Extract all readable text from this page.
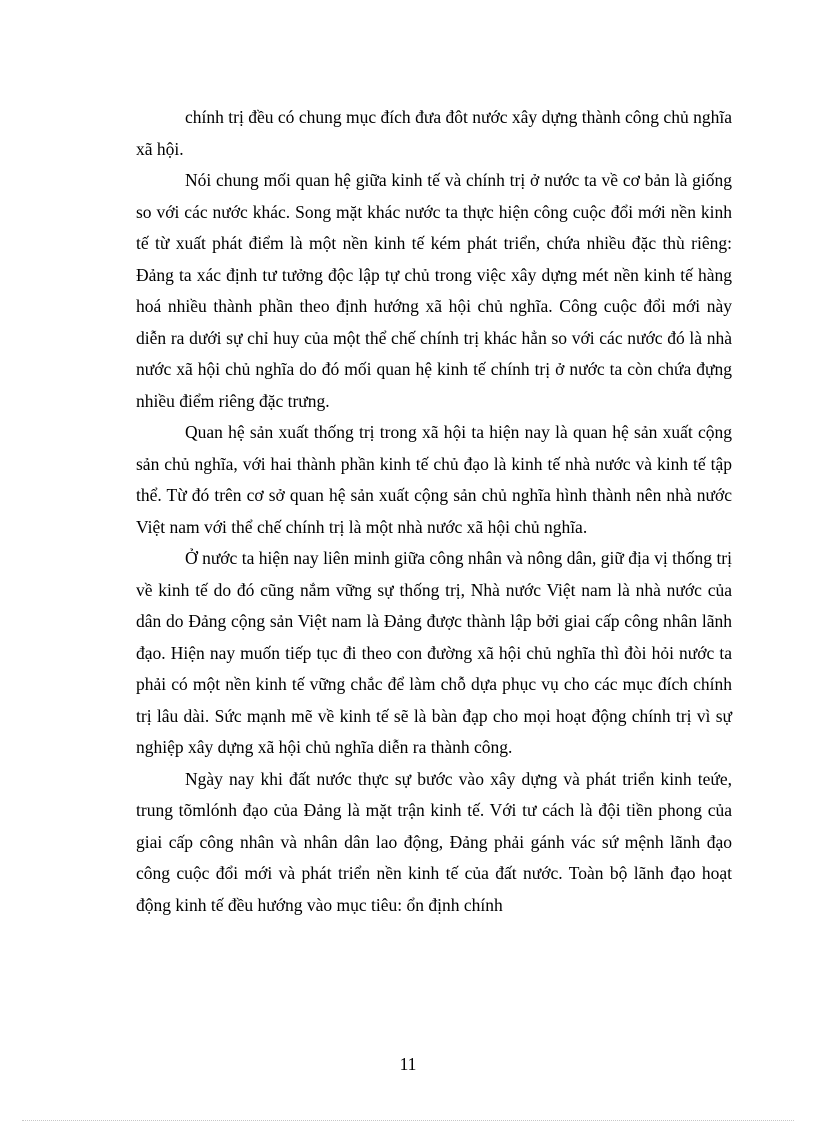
chính trị đều có chung mục đích đưa đôt nước xây dựng thành công chủ nghĩa xã hội.

Nói chung mối quan hệ giữa kinh tế và chính trị ở nước ta về cơ bản là giống so với các nước khác. Song mặt khác nước ta thực hiện công cuộc đổi mới nền kinh tế từ xuất phát điểm là một nền kinh tế kém phát triển, chứa nhiều đặc thù riêng: Đảng ta xác định tư tưởng độc lập tự chủ trong việc xây dựng mét nền kinh tế hàng hoá nhiều thành phần theo định hướng xã hội chủ nghĩa. Công cuộc đổi mới này diễn ra dưới sự chỉ huy của một thể chế chính trị khác hẳn so với các nước đó là nhà nước xã hội chủ nghĩa do đó mối quan hệ kinh tế chính trị ở nước ta còn chứa đựng nhiều điểm riêng đặc trưng.

Quan hệ sản xuất thống trị trong xã hội ta hiện nay là quan hệ sản xuất cộng sản chủ nghĩa, với hai thành phần kinh tế chủ đạo là kinh tế nhà nước và kinh tế tập thể. Từ đó trên cơ sở quan hệ sản xuất cộng sản chủ nghĩa hình thành nên nhà nước Việt nam với thể chế chính trị là một nhà nước xã hội chủ nghĩa.

Ở nước ta hiện nay liên minh giữa công nhân và nông dân, giữ địa vị thống trị về kinh tế do đó cũng nắm vững sự thống trị, Nhà nước Việt nam là nhà nước của dân do Đảng cộng sản Việt nam là Đảng được thành lập bởi giai cấp công nhân lãnh đạo. Hiện nay muốn tiếp tục đi theo con đường xã hội chủ nghĩa thì đòi hỏi nước ta phải có một nền kinh tế vững chắc để làm chỗ dựa phục vụ cho các mục đích chính trị lâu dài. Sức mạnh mẽ về kinh tế sẽ là bàn đạp cho mọi hoạt động chính trị vì sự nghiệp xây dựng xã hội chủ nghĩa diễn ra thành công.

Ngày nay khi đất nước thực sự bước vào xây dựng và phát triển kinh teứe, trung tõmlónh đạo của Đảng là mặt trận kinh tế. Với tư cách là đội tiền phong của giai cấp công nhân và nhân dân lao động, Đảng phải gánh vác sứ mệnh lãnh đạo công cuộc đổi mới và phát triển nền kinh tế của đất nước. Toàn bộ lãnh đạo hoạt động kinh tế đều hướng vào mục tiêu: ổn định chính

11
